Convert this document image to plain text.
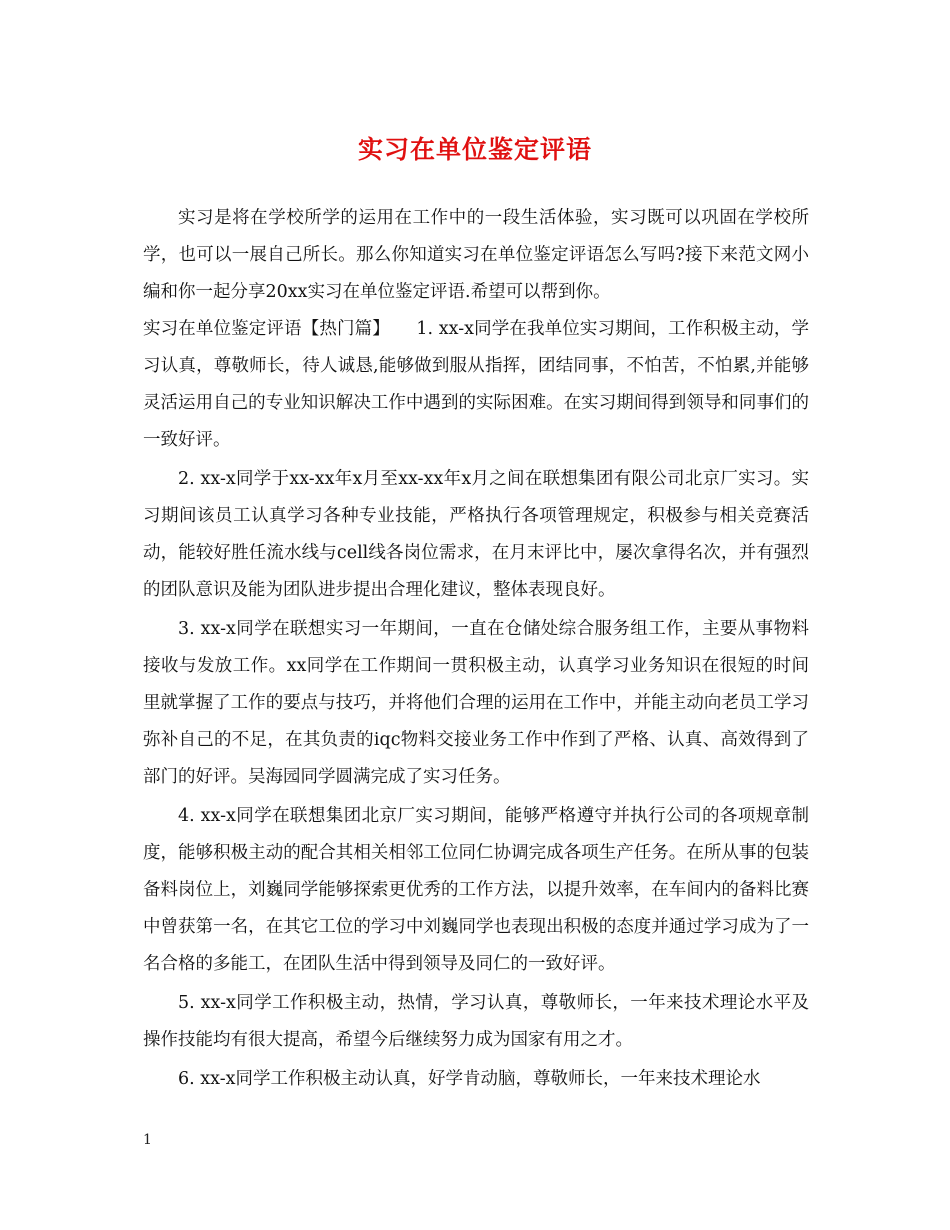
实习在单位鉴定评语

实习是将在学校所学的运用在工作中的一段生活体验，实习既可以巩固在学校所学，也可以一展自己所长。那么你知道实习在单位鉴定评语怎么写吗?接下来范文网小编和你一起分享20xx实习在单位鉴定评语.希望可以帮到你。

实习在单位鉴定评语【热门篇】　　1. xx-x同学在我单位实习期间，工作积极主动，学习认真，尊敬师长，待人诚恳,能够做到服从指挥，团结同事，不怕苦，不怕累,并能够灵活运用自己的专业知识解决工作中遇到的实际困难。在实习期间得到领导和同事们的一致好评。

2. xx-x同学于xx-xx年x月至xx-xx年x月之间在联想集团有限公司北京厂实习。实习期间该员工认真学习各种专业技能，严格执行各项管理规定，积极参与相关竞赛活动，能较好胜任流水线与cell线各岗位需求，在月末评比中，屡次拿得名次，并有强烈的团队意识及能为团队进步提出合理化建议，整体表现良好。

3. xx-x同学在联想实习一年期间，一直在仓储处综合服务组工作，主要从事物料接收与发放工作。xx同学在工作期间一贯积极主动，认真学习业务知识在很短的时间里就掌握了工作的要点与技巧，并将他们合理的运用在工作中，并能主动向老员工学习弥补自己的不足，在其负责的iqc物料交接业务工作中作到了严格、认真、高效得到了部门的好评。吴海园同学圆满完成了实习任务。

4. xx-x同学在联想集团北京厂实习期间，能够严格遵守并执行公司的各项规章制度，能够积极主动的配合其相关相邻工位同仁协调完成各项生产任务。在所从事的包装备料岗位上，刘巍同学能够探索更优秀的工作方法，以提升效率，在车间内的备料比赛中曾获第一名，在其它工位的学习中刘巍同学也表现出积极的态度并通过学习成为了一名合格的多能工，在团队生活中得到领导及同仁的一致好评。

5. xx-x同学工作积极主动，热情，学习认真，尊敬师长，一年来技术理论水平及操作技能均有很大提高，希望今后继续努力成为国家有用之才。

6. xx-x同学工作积极主动认真，好学肯动脑，尊敬师长，一年来技术理论水

1
